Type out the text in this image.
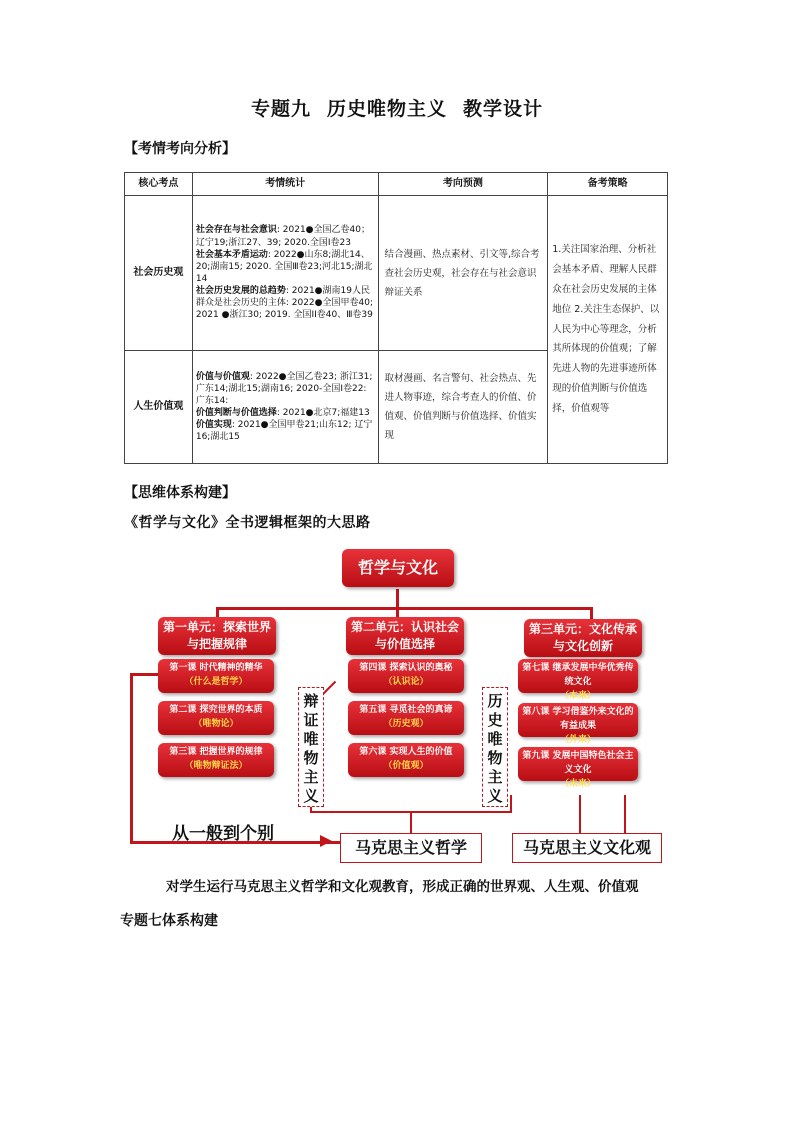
专题九 历史唯物主义 教学设计
【考情考向分析】
核心考点	考情统计	考向预测	备考策略
社会历史观	社会存在与社会意识: 2021●全国乙卷40；辽宁19;浙江27、39; 2020.全国Ⅰ卷23
社会基本矛盾运动: 2022●山东8;湖北14、20;湖南15; 2020. 全国Ⅲ卷23;河北15;湖北14
社会历史发展的总趋势: 2021●湖南19人民群众是社会历史的主体: 2022●全国甲卷40; 2021 ●浙江30; 2019. 全国II卷40、Ⅲ卷39	结合漫画、热点素材、引文等,综合考查社会历史观，社会存在与社会意识辩证关系	1.关注国家治理、分析社会基本矛盾、理解人民群众在社会历史发展的主体地位 2.关注生态保护、以人民为中心等理念，分析其所体现的价值观；了解先进人物的先进事迹所体现的价值判断与价值选择，价值观等
人生价值观	价值与价值观: 2022●全国乙卷23; 浙江31;广东14;湖北15;湖南16; 2020-全国Ⅰ卷22: 广东14:
价值判断与价值选择: 2021●北京7;福建13
价值实现: 2021●全国甲卷21;山东12; 辽宁16;湖北15	取材漫画、名言警句、社会热点、先进人物事迹，综合考查人的价值、价值观、价值判断与价值选择、价值实现	
【思维体系构建】
《哲学与文化》全书逻辑框架的大思路
哲学与文化
第一单元：探索世界与把握规律
第二单元：认识社会与价值选择
第三单元：文化传承与文化创新
第一课 时代精神的精华
（什么是哲学）
第二课 探究世界的本质
（唯物论）
第三课 把握世界的规律
（唯物辩证法）
第四课 探索认识的奥秘
（认识论）
第五课 寻觅社会的真谛
（历史观）
第六课 实现人生的价值
（价值观）
第七课 继承发展中华优秀传统文化
（本来）
第八课 学习借鉴外来文化的有益成果
（外来）
第九课 发展中国特色社会主义文化
（未来）
辩证唯物主义
历史唯物主义
从一般到个别
马克思主义哲学	马克思主义文化观
对学生运行马克思主义哲学和文化观教育，形成正确的世界观、人生观、价值观
专题七体系构建
